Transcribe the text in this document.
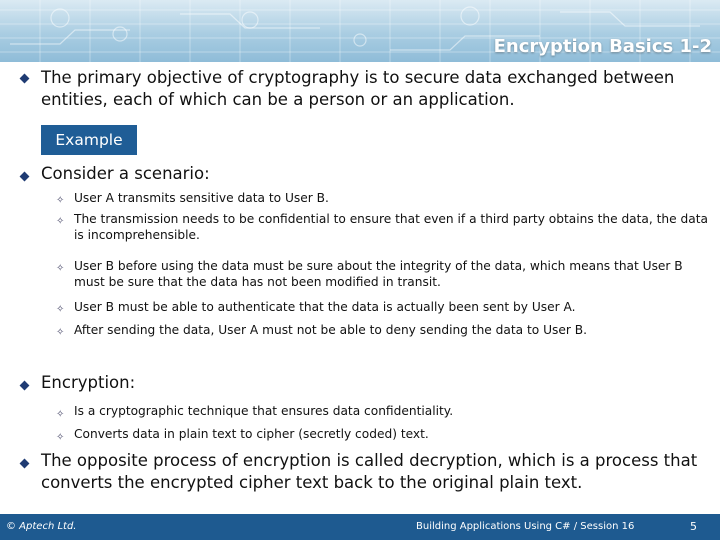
Encryption Basics 1-2
The primary objective of cryptography is to secure data exchanged between entities, each of which can be a person or an application.
Example
Consider a scenario:
✧ User A transmits sensitive data to User B.
✧ The transmission needs to be confidential to ensure that even if a third party obtains the data, the data is incomprehensible.
✧ User B before using the data must be sure about the integrity of the data, which means that User B must be sure that the data has not been modified in transit.
✧ User B must be able to authenticate that the data is actually been sent by User A.
✧ After sending the data, User A must not be able to deny sending the data to User B.
Encryption:
✧ Is a cryptographic technique that ensures data confidentiality.
✧ Converts data in plain text to cipher (secretly coded) text.
The opposite process of encryption is called decryption, which is a process that converts the encrypted cipher text back to the original plain text.
© Aptech Ltd.	Building Applications Using C# / Session 16	5
